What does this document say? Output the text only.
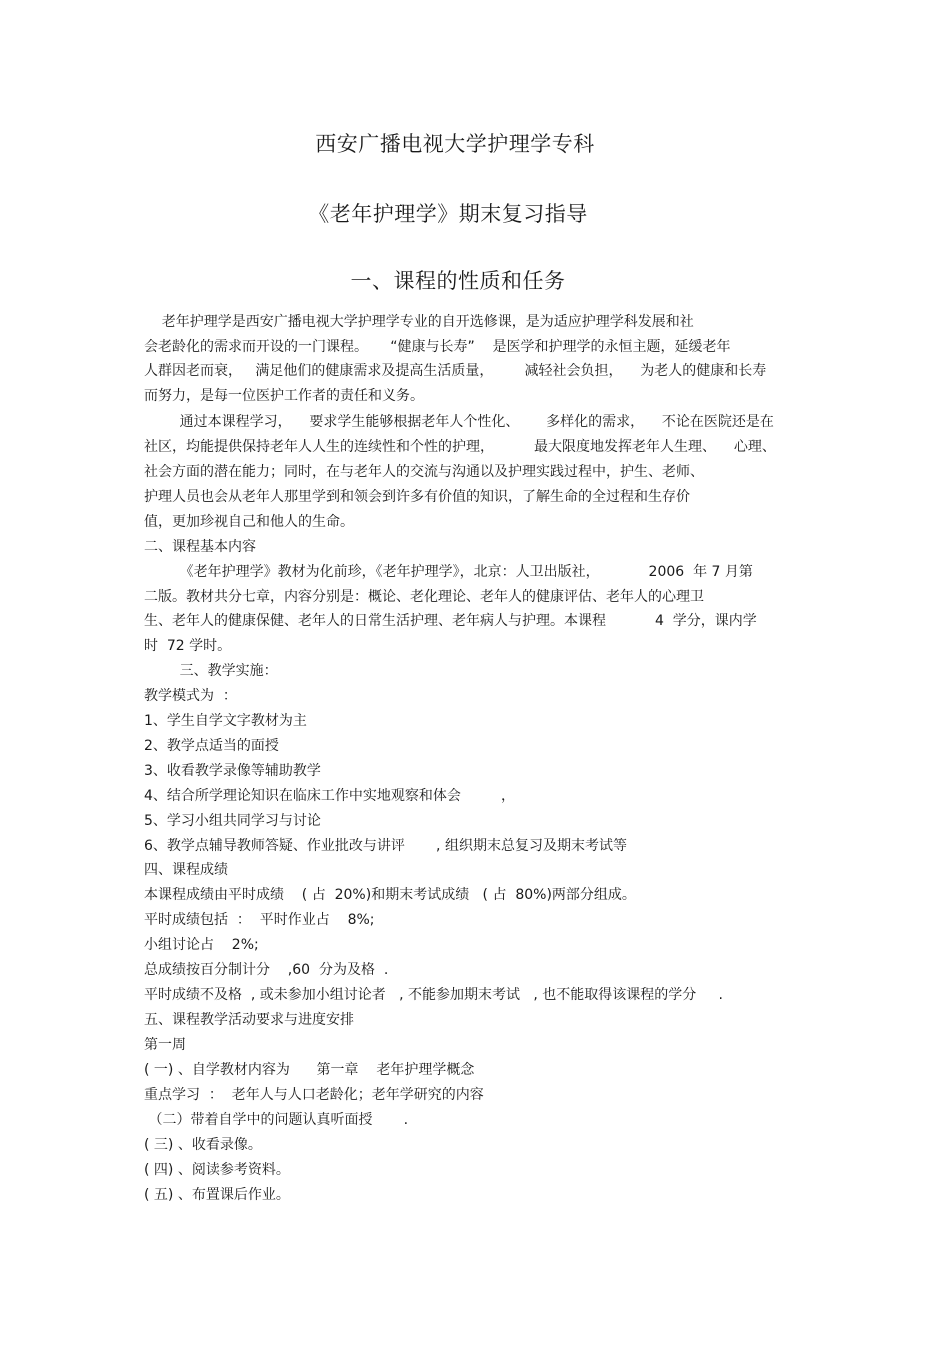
西安广播电视大学护理学专科
《老年护理学》期末复习指导
一、课程的性质和任务

老年护理学是西安广播电视大学护理学专业的自开选修课，是为适应护理学科发展和社

会老龄化的需求而开设的一门课程。     “健康与长寿”    是医学和护理学的永恒主题，延缓老年

人群因老而衰，   满足他们的健康需求及提高生活质量，       减轻社会负担，    为老人的健康和长寿

而努力，是每一位医护工作者的责任和义务。

通过本课程学习，    要求学生能够根据老年人个性化、      多样化的需求，    不论在医院还是在

社区，均能提供保持老年人人生的连续性和个性的护理，         最大限度地发挥老年人生理、    心理、

社会方面的潜在能力；同时，在与老年人的交流与沟通以及护理实践过程中，护生、老师、

护理人员也会从老年人那里学到和领会到许多有价值的知识，了解生命的全过程和生存价

值，更加珍视自己和他人的生命。

二、课程基本内容

《老年护理学》教材为化前珍，《老年护理学》，北京：人卫出版社，           2006  年 7 月第

二版。教材共分七章，内容分别是：概论、老化理论、老年人的健康评估、老年人的心理卫

生、老年人的健康保健、老年人的日常生活护理、老年病人与护理。本课程           4  学分，课内学

时  72 学时。

三、教学实施：

教学模式为  ：

1、学生自学文字教材为主

2、教学点适当的面授

3、收看教学录像等辅助教学

4、结合所学理论知识在临床工作中实地观察和体会         ，

5、学习小组共同学习与讨论

6、教学点辅导教师答疑、作业批改与讲评       , 组织期末总复习及期末考试等

四、课程成绩

本课程成绩由平时成绩    ( 占  20%)和期末考试成绩   ( 占  80%)两部分组成。

平时成绩包括  ：  平时作业占    8%;

小组讨论占    2%;

总成绩按百分制计分    ,60  分为及格  .

平时成绩不及格  , 或未参加小组讨论者   , 不能参加期末考试   , 也不能取得该课程的学分     .

五、课程教学活动要求与进度安排

第一周

( 一) 、自学教材内容为      第一章    老年护理学概念

重点学习  ：  老年人与人口老龄化；老年学研究的内容

（二）带着自学中的问题认真听面授       .

( 三) 、收看录像。

( 四) 、阅读参考资料。

( 五) 、布置课后作业。
